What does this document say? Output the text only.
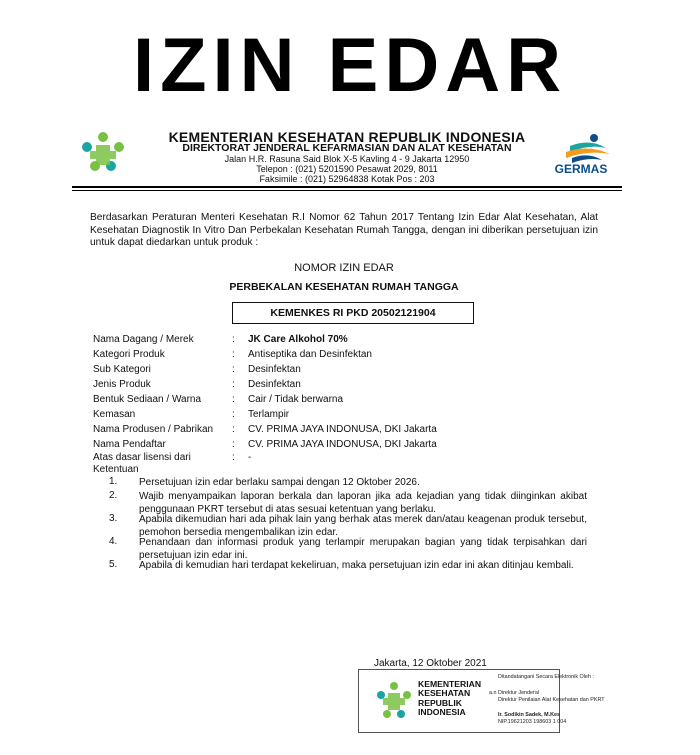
IZIN EDAR
KEMENTERIAN KESEHATAN REPUBLIK INDONESIA
DIREKTORAT JENDERAL KEFARMASIAN DAN ALAT KESEHATAN
Jalan H.R. Rasuna Said Blok X-5 Kavling 4 - 9 Jakarta 12950
Telepon : (021) 5201590 Pesawat 2029, 8011
Faksimile : (021) 52964838 Kotak Pos : 203
GERMAS
Berdasarkan Peraturan Menteri Kesehatan R.I Nomor 62 Tahun 2017 Tentang Izin Edar Alat Kesehatan, Alat Kesehatan Diagnostik In Vitro Dan Perbekalan Kesehatan Rumah Tangga, dengan ini diberikan persetujuan izin untuk dapat diedarkan untuk produk :
NOMOR IZIN EDAR
PERBEKALAN KESEHATAN RUMAH TANGGA
KEMENKES RI PKD 20502121904
Nama Dagang / Merek	: JK Care Alkohol 70%
Kategori Produk	: Antiseptika dan Desinfektan
Sub Kategori	: Desinfektan
Jenis Produk	: Desinfektan
Bentuk Sediaan / Warna	: Cair / Tidak berwarna
Kemasan	: Terlampir
Nama Produsen / Pabrikan : CV. PRIMA JAYA INDONUSA, DKI Jakarta
Nama Pendaftar	: CV. PRIMA JAYA INDONUSA, DKI Jakarta
Atas dasar lisensi dari	: -
Ketentuan
1. Persetujuan izin edar berlaku sampai dengan 12 Oktober 2026.
2. Wajib menyampaikan laporan berkala dan laporan jika ada kejadian yang tidak diinginkan akibat penggunaan PKRT tersebut di atas sesuai ketentuan yang berlaku.
3. Apabila dikemudian hari ada pihak lain yang berhak atas merek dan/atau keagenan produk tersebut, pemohon bersedia mengembalikan izin edar.
4. Penandaan dan informasi produk yang terlampir merupakan bagian yang tidak terpisahkan dari persetujuan izin edar ini.
5. Apabila di kemudian hari terdapat kekeliruan, maka persetujuan izin edar ini akan ditinjau kembali.
Jakarta, 12 Oktober 2021
KEMENTERIAN
KESEHATAN
REPUBLIK
INDONESIA
Ditandatangani Secara Elektronik Oleh :
a.n Direktur Jenderal
Direktur Penilaian Alat Kesehatan dan PKRT
Ir. Sodikin Sadek, M.Kes
NIP.19621203 198603 1 004
